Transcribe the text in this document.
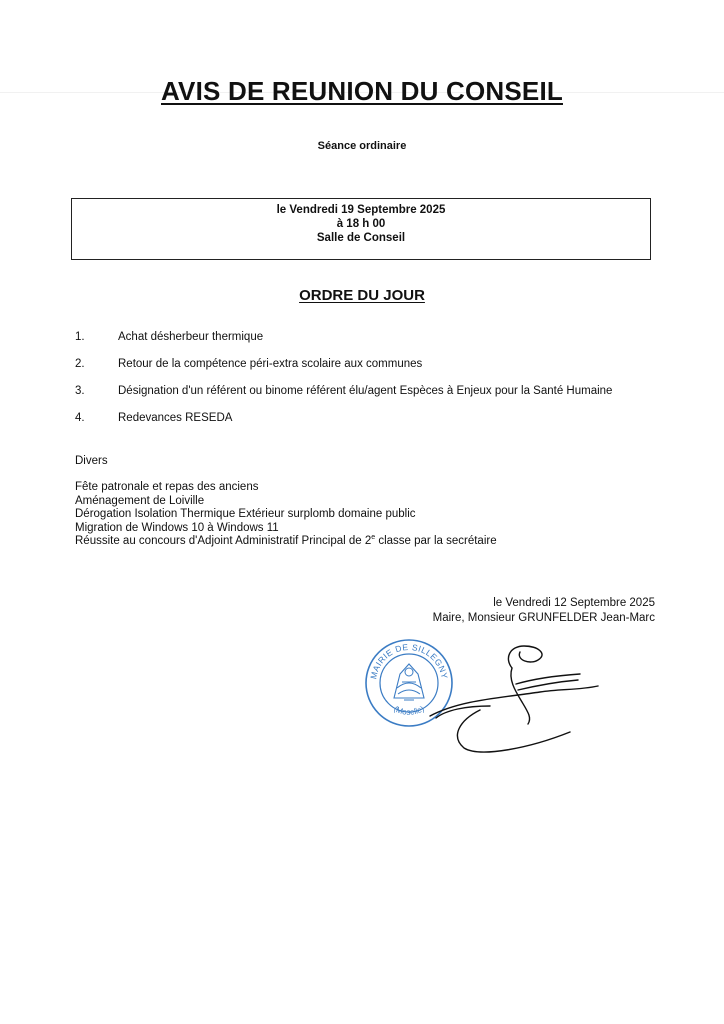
AVIS DE REUNION DU CONSEIL
Séance ordinaire
le Vendredi 19 Septembre 2025
à 18 h 00
Salle de Conseil
ORDRE DU JOUR
1.	Achat désherbeur thermique
2.	Retour de la compétence péri-extra scolaire aux communes
3.	Désignation d'un référent ou binome référent élu/agent Espèces à Enjeux pour la Santé Humaine
4.	Redevances RESEDA
Divers
Fête patronale et repas des anciens
Aménagement de Loiville
Dérogation Isolation Thermique Extérieur surplomb domaine public
Migration de Windows 10 à Windows 11
Réussite au concours d'Adjoint Administratif Principal de 2e classe par la secrétaire
le Vendredi 12 Septembre 2025
Maire, Monsieur GRUNFELDER Jean-Marc
MAIRIE DE SILLEGNY
(Moselle)
